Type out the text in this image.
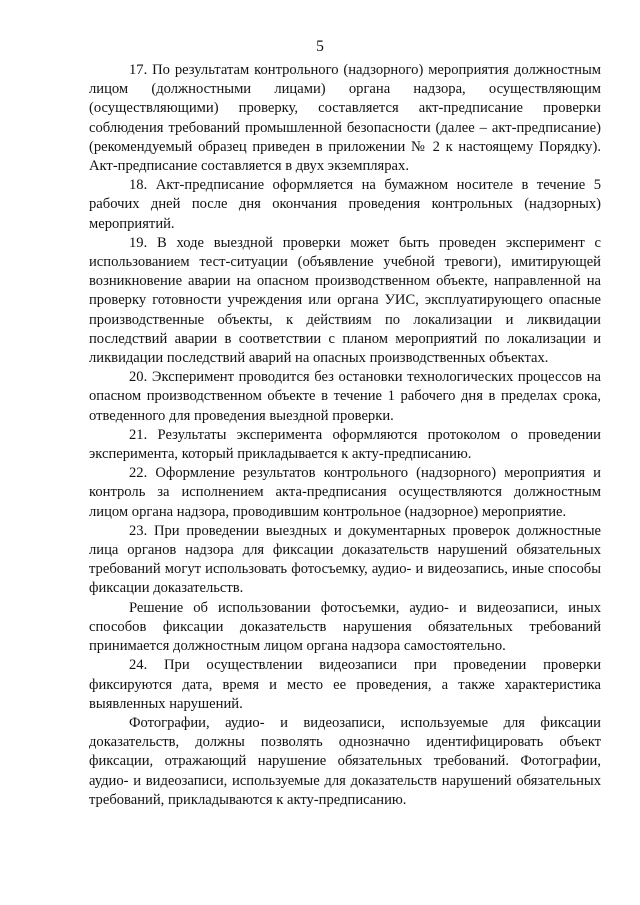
5

17. По результатам контрольного (надзорного) мероприятия должностным лицом (должностными лицами) органа надзора, осуществляющим (осуществляющими) проверку, составляется акт-предписание проверки соблюдения требований промышленной безопасности (далее – акт-предписание) (рекомендуемый образец приведен в приложении № 2 к настоящему Порядку). Акт-предписание составляется в двух экземплярах.

18. Акт-предписание оформляется на бумажном носителе в течение 5 рабочих дней после дня окончания проведения контрольных (надзорных) мероприятий.

19. В ходе выездной проверки может быть проведен эксперимент с использованием тест-ситуации (объявление учебной тревоги), имитирующей возникновение аварии на опасном производственном объекте, направленной на проверку готовности учреждения или органа УИС, эксплуатирующего опасные производственные объекты, к действиям по локализации и ликвидации последствий аварии в соответствии с планом мероприятий по локализации и ликвидации последствий аварий на опасных производственных объектах.

20. Эксперимент проводится без остановки технологических процессов на опасном производственном объекте в течение 1 рабочего дня в пределах срока, отведенного для проведения выездной проверки.

21. Результаты эксперимента оформляются протоколом о проведении эксперимента, который прикладывается к акту-предписанию.

22. Оформление результатов контрольного (надзорного) мероприятия и контроль за исполнением акта-предписания осуществляются должностным лицом органа надзора, проводившим контрольное (надзорное) мероприятие.

23. При проведении выездных и документарных проверок должностные лица органов надзора для фиксации доказательств нарушений обязательных требований могут использовать фотосъемку, аудио- и видеозапись, иные способы фиксации доказательств.

Решение об использовании фотосъемки, аудио- и видеозаписи, иных способов фиксации доказательств нарушения обязательных требований принимается должностным лицом органа надзора самостоятельно.

24. При осуществлении видеозаписи при проведении проверки фиксируются дата, время и место ее проведения, а также характеристика выявленных нарушений.

Фотографии, аудио- и видеозаписи, используемые для фиксации доказательств, должны позволять однозначно идентифицировать объект фиксации, отражающий нарушение обязательных требований. Фотографии, аудио- и видеозаписи, используемые для доказательств нарушений обязательных требований, прикладываются к акту-предписанию.
